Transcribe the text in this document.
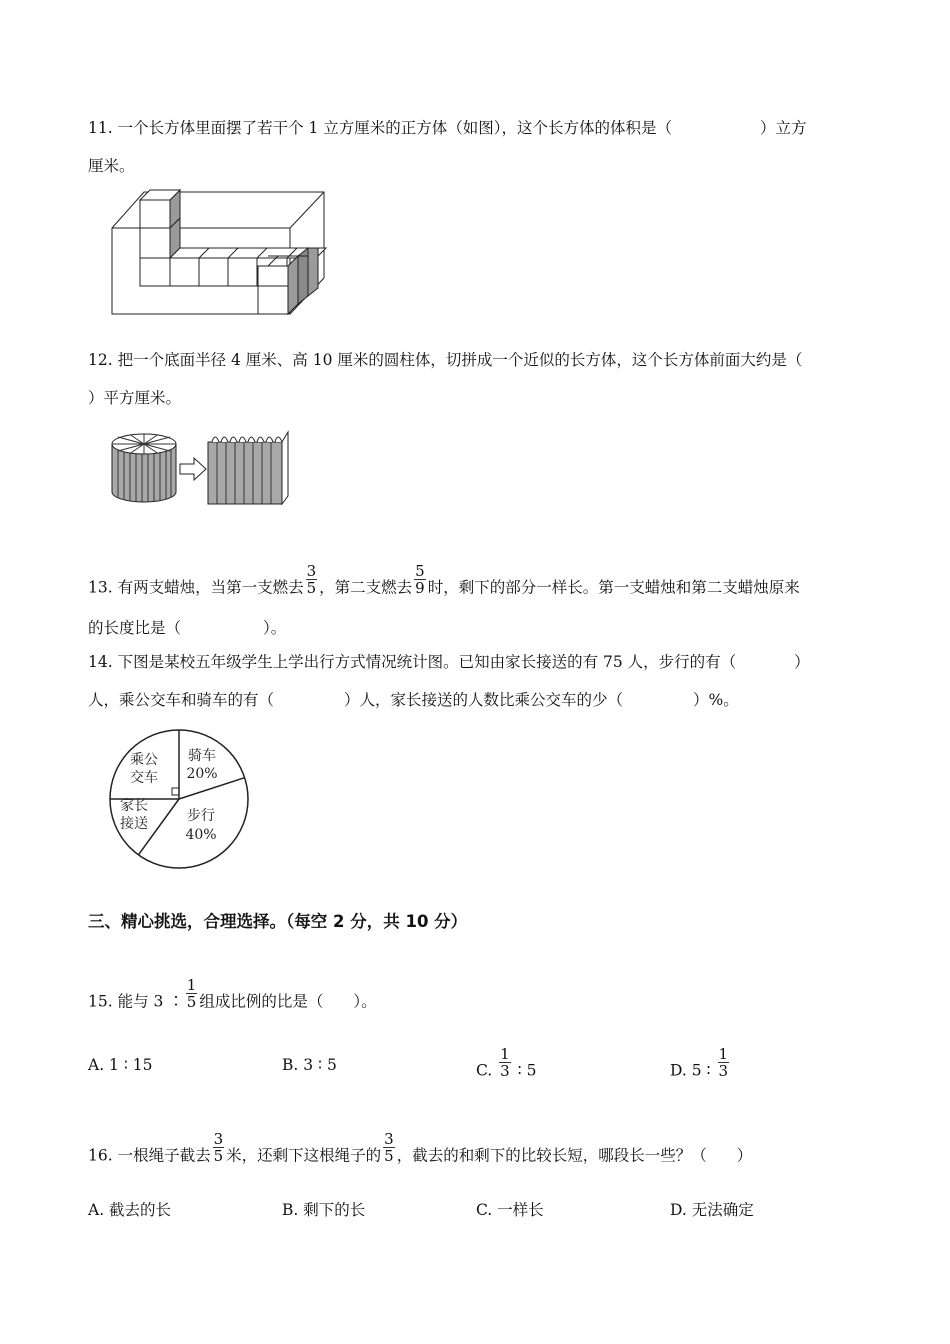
11. 一个长方体里面摆了若干个 1 立方厘米的正方体（如图），这个长方体的体积是（	）立方
厘米。
12. 把一个底面半径 4 厘米、高 10 厘米的圆柱体，切拼成一个近似的长方体，这个长方体前面大约是（
）平方厘米。
13. 有两支蜡烛，当第一支燃去 $\frac{3}{5}$ ，第二支燃去 $\frac{5}{9}$ 时，剩下的部分一样长。第一支蜡烛和第二支蜡烛原来
的长度比是（	）。
14. 下图是某校五年级学生上学出行方式情况统计图。已知由家长接送的有 75 人，步行的有（	）
人，乘公交车和骑车的有（	）人，家长接送的人数比乘公交车的少（	）%。
乘公
交车
骑车
20%
步行
40%
家长
接送
三、精心挑选，合理选择。（每空 2 分，共 10 分）
15. 能与 3 ∶ $\frac{1}{5}$ 组成比例的比是（ ）。
A. 1 ∶ 15	B. 3 ∶ 5	C. $\frac{1}{3}$ ∶ 5	D. 5 ∶ $\frac{1}{3}$
16. 一根绳子截去 $\frac{3}{5}$ 米，还剩下这根绳子的 $\frac{3}{5}$ ，截去的和剩下的比较长短，哪段长一些？（ ）
A. 截去的长	B. 剩下的长	C. 一样长	D. 无法确定
